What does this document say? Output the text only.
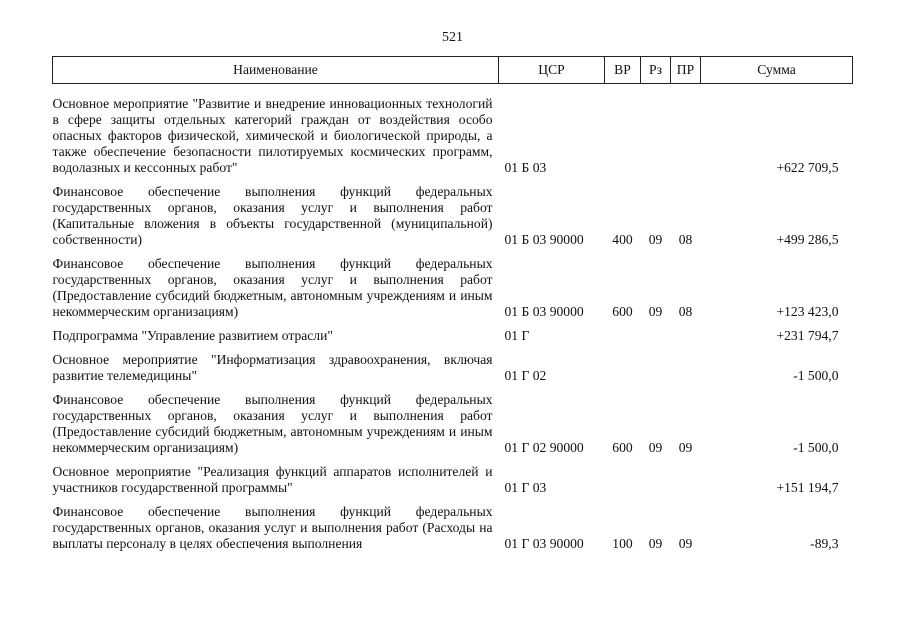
521
Наименование	ЦСР	ВР	Рз	ПР	Сумма
Основное мероприятие "Развитие и внедрение инновационных технологий в сфере защиты отдельных категорий граждан от воздействия особо опасных факторов физической, химической и биологической природы, а также обеспечение безопасности пилотируемых космических программ, водолазных и кессонных работ"	01 Б 03				+622 709,5
Финансовое обеспечение выполнения функций федеральных государственных органов, оказания услуг и выполнения работ (Капитальные вложения в объекты государственной (муниципальной) собственности)	01 Б 03 90000	400	09	08	+499 286,5
Финансовое обеспечение выполнения функций федеральных государственных органов, оказания услуг и выполнения работ (Предоставление субсидий бюджетным, автономным учреждениям и иным некоммерческим организациям)	01 Б 03 90000	600	09	08	+123 423,0
Подпрограмма "Управление развитием отрасли"	01 Г				+231 794,7
Основное мероприятие "Информатизация здравоохранения, включая развитие телемедицины"	01 Г 02				-1 500,0
Финансовое обеспечение выполнения функций федеральных государственных органов, оказания услуг и выполнения работ (Предоставление субсидий бюджетным, автономным учреждениям и иным некоммерческим организациям)	01 Г 02 90000	600	09	09	-1 500,0
Основное мероприятие "Реализация функций аппаратов исполнителей и участников государственной программы"	01 Г 03				+151 194,7
Финансовое обеспечение выполнения функций федеральных государственных органов, оказания услуг и выполнения работ (Расходы на выплаты персоналу в целях обеспечения выполнения	01 Г 03 90000	100	09	09	-89,3
